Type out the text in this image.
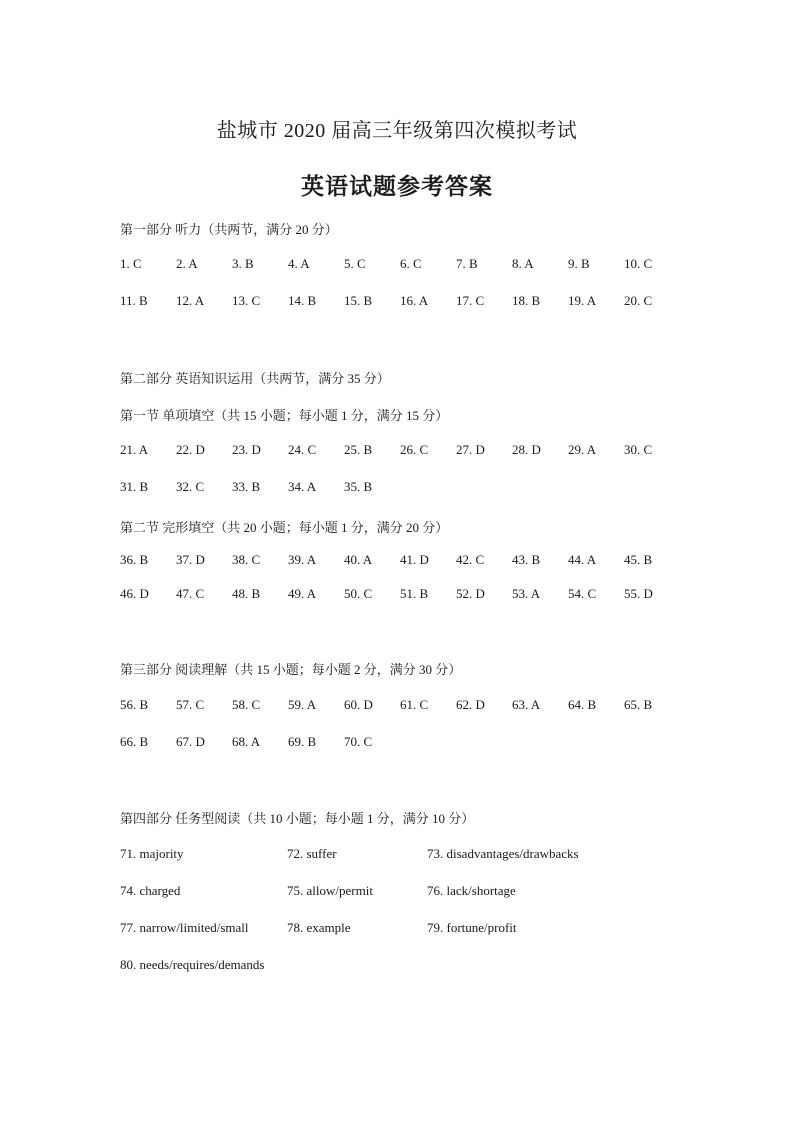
盐城市 2020 届高三年级第四次模拟考试
英语试题参考答案
第一部分 听力（共两节，满分 20 分）
1. C	2. A	3. B	4. A	5. C	6. C	7. B	8. A	9. B	10. C
11. B 12. A 13. C 14. B 15. B 16. A 17. C 18. B 19. A 20. C
第二部分 英语知识运用（共两节，满分 35 分）
第一节 单项填空（共 15 小题；每小题 1 分，满分 15 分）
21. A 22. D 23. D 24. C 25. B 26. C 27. D 28. D 29. A 30. C
31. B 32. C 33. B 34. A 35. B
第二节 完形填空（共 20 小题；每小题 1 分，满分 20 分）
36. B 37. D 38. C 39. A 40. A 41. D 42. C 43. B 44. A 45. B
46. D 47. C 48. B 49. A 50. C 51. B 52. D 53. A 54. C 55. D
第三部分 阅读理解（共 15 小题；每小题 2 分，满分 30 分）
56. B 57. C 58. C 59. A 60. D 61. C 62. D 63. A 64. B 65. B
66. B 67. D 68. A 69. B 70. C
第四部分 任务型阅读（共 10 小题；每小题 1 分，满分 10 分）
71. majority	72. suffer	73. disadvantages/drawbacks
74. charged	75. allow/permit	76. lack/shortage
77. narrow/limited/small	78. example	79. fortune/profit
80. needs/requires/demands
